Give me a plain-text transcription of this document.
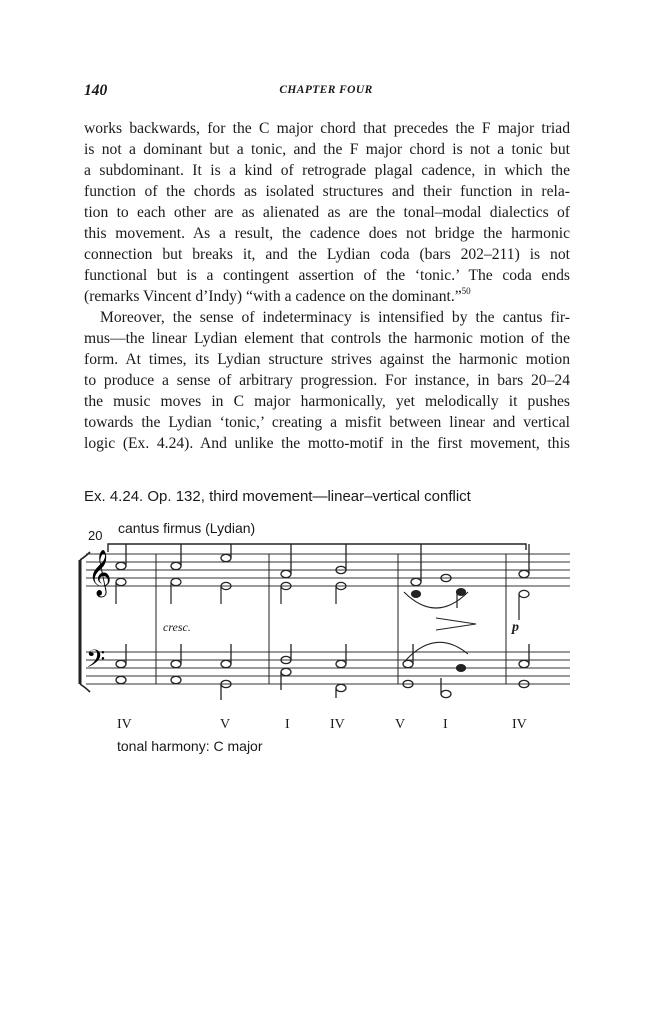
140	CHAPTER FOUR
works backwards, for the C major chord that precedes the F major triad
is not a dominant but a tonic, and the F major chord is not a tonic but
a subdominant. It is a kind of retrograde plagal cadence, in which the
function of the chords as isolated structures and their function in rela-
tion to each other are as alienated as are the tonal–modal dialectics of
this movement. As a result, the cadence does not bridge the harmonic
connection but breaks it, and the Lydian coda (bars 202–211) is not
functional but is a contingent assertion of the ‘tonic.’ The coda ends
(remarks Vincent d’Indy) “with a cadence on the dominant.”$^{50}$
Moreover, the sense of indeterminacy is intensified by the cantus fir-
mus—the linear Lydian element that controls the harmonic motion of the
form. At times, its Lydian structure strives against the harmonic motion
to produce a sense of arbitrary progression. For instance, in bars 20–24
the music moves in C major harmonically, yet melodically it pushes
towards the Lydian ‘tonic,’ creating a misfit between linear and vertical
logic (Ex. 4.24). And unlike the motto-motif in the first movement, this
Ex. 4.24. Op. 132, third movement—linear–vertical conflict
20 cantus firmus (Lydian)
𝄞
𝄢
cresc.	p
IV	V	I	IV	V	I	IV
tonal harmony: C major
